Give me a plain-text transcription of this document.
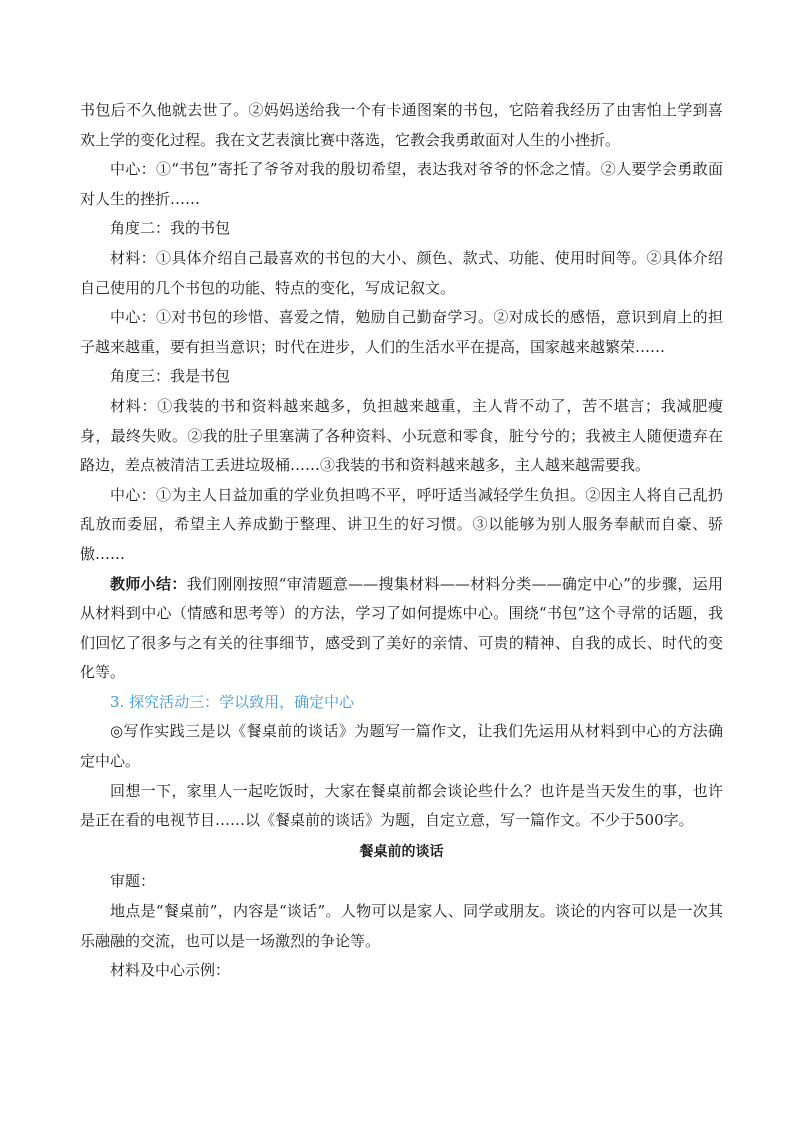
书包后不久他就去世了。②妈妈送给我一个有卡通图案的书包，它陪着我经历了由害怕上学到喜欢上学的变化过程。我在文艺表演比赛中落选，它教会我勇敢面对人生的小挫折。

中心：①“书包”寄托了爷爷对我的殷切希望，表达我对爷爷的怀念之情。②人要学会勇敢面对人生的挫折……

角度二：我的书包

材料：①具体介绍自己最喜欢的书包的大小、颜色、款式、功能、使用时间等。②具体介绍自己使用的几个书包的功能、特点的变化，写成记叙文。

中心：①对书包的珍惜、喜爱之情，勉励自己勤奋学习。②对成长的感悟，意识到肩上的担子越来越重，要有担当意识；时代在进步，人们的生活水平在提高，国家越来越繁荣……

角度三：我是书包

材料：①我装的书和资料越来越多，负担越来越重，主人背不动了，苦不堪言；我减肥瘦身，最终失败。②我的肚子里塞满了各种资料、小玩意和零食，脏兮兮的；我被主人随便遗弃在路边，差点被清洁工丢进垃圾桶……③我装的书和资料越来越多，主人越来越需要我。

中心：①为主人日益加重的学业负担鸣不平，呼吁适当减轻学生负担。②因主人将自己乱扔乱放而委屈，希望主人养成勤于整理、讲卫生的好习惯。③以能够为别人服务奉献而自豪、骄傲……

教师小结：我们刚刚按照“审清题意——搜集材料——材料分类——确定中心”的步骤，运用从材料到中心（情感和思考等）的方法，学习了如何提炼中心。围绕“书包”这个寻常的话题，我们回忆了很多与之有关的往事细节，感受到了美好的亲情、可贵的精神、自我的成长、时代的变化等。

3. 探究活动三：学以致用，确定中心

◎写作实践三是以《餐桌前的谈话》为题写一篇作文，让我们先运用从材料到中心的方法确定中心。

回想一下，家里人一起吃饭时，大家在餐桌前都会谈论些什么？也许是当天发生的事，也许是正在看的电视节目……以《餐桌前的谈话》为题，自定立意，写一篇作文。不少于500字。

餐桌前的谈话

审题：

地点是“餐桌前”，内容是“谈话”。人物可以是家人、同学或朋友。谈论的内容可以是一次其乐融融的交流，也可以是一场激烈的争论等。

材料及中心示例：
